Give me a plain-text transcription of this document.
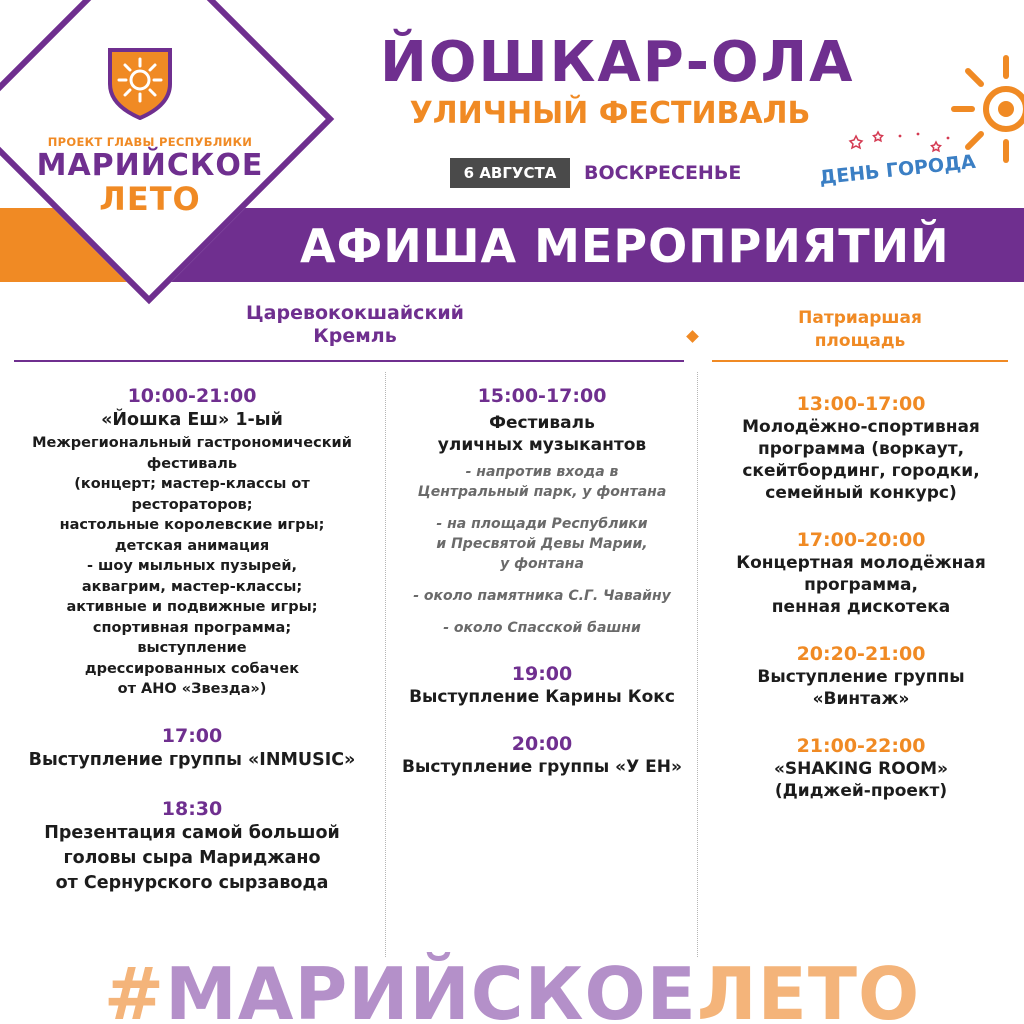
АФИША МЕРОПРИЯТИЙ
ПРОЕКТ ГЛАВЫ РЕСПУБЛИКИ
МАРИЙСКОЕ
ЛЕТО
ЙОШКАР-ОЛА
УЛИЧНЫЙ ФЕСТИВАЛЬ
6 АВГУСТА	ВОСКРЕСЕНЬЕ	ДЕНЬ ГОРОДА
Царевококшайский
Кремль
Патриаршая
площадь
10:00-21:00
«Йошка Еш» 1-ый
Межрегиональный гастрономический
фестиваль
(концерт; мастер-классы от
рестораторов;
настольные королевские игры;
детская анимация
- шоу мыльных пузырей,
аквагрим, мастер-классы;
активные и подвижные игры;
спортивная программа;
выступление
дрессированных собачек
от АНО «Звезда»)
17:00
Выступление группы «INMUSIC»
18:30
Презентация самой большой
головы сыра Мариджано
от Сернурского сырзавода
15:00-17:00
Фестиваль
уличных музыкантов
- напротив входа в
Центральный парк, у фонтана
- на площади Республики
и Пресвятой Девы Марии,
у фонтана
- около памятника С.Г. Чавайну
- около Спасской башни
19:00
Выступление Карины Кокс
20:00
Выступление группы «У ЕН»
13:00-17:00
Молодёжно-спортивная
программа (воркаут,
скейтбординг, городки,
семейный конкурс)
17:00-20:00
Концертная молодёжная
программа,
пенная дискотека
20:20-21:00
Выступление группы
«Винтаж»
21:00-22:00
«SHAKING ROOM»
(Диджей-проект)
#МАРИЙСКОЕЛЕТО
